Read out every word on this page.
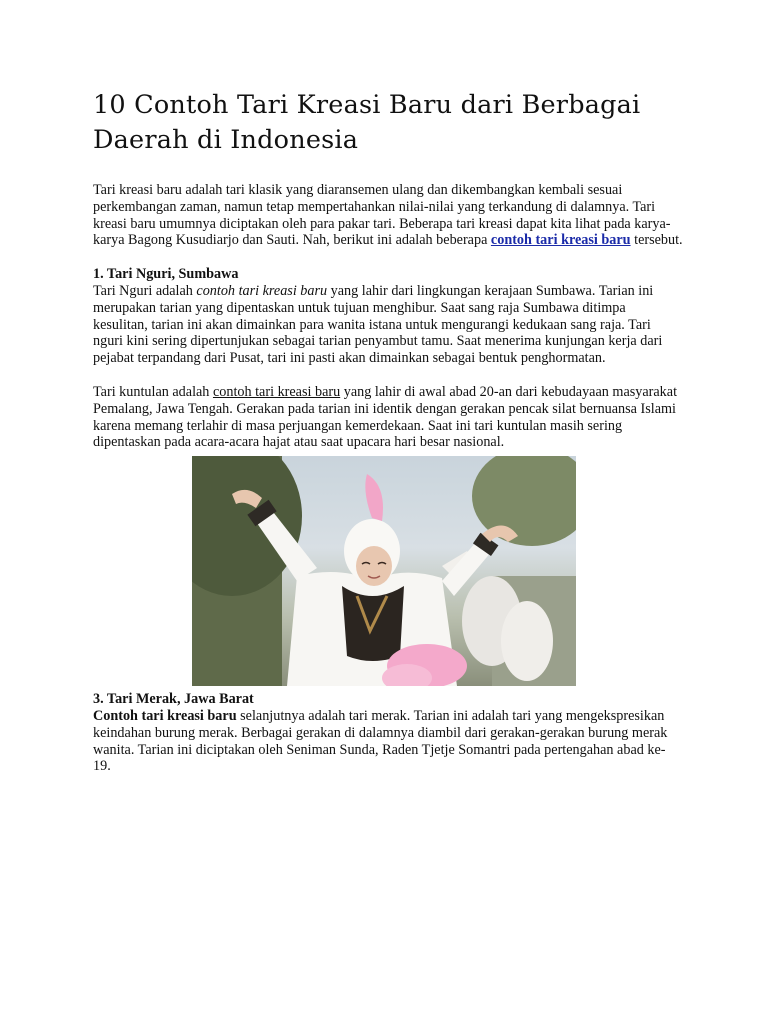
10 Contoh Tari Kreasi Baru dari Berbagai Daerah di Indonesia

Tari kreasi baru adalah tari klasik yang diaransemen ulang dan dikembangkan kembali sesuai perkembangan zaman, namun tetap mempertahankan nilai-nilai yang terkandung di dalamnya. Tari kreasi baru umumnya diciptakan oleh para pakar tari. Beberapa tari kreasi dapat kita lihat pada karya-karya Bagong Kusudiarjo dan Sauti. Nah, berikut ini adalah beberapa contoh tari kreasi baru tersebut.

1. Tari Nguri, Sumbawa

Tari Nguri adalah contoh tari kreasi baru yang lahir dari lingkungan kerajaan Sumbawa. Tarian ini merupakan tarian yang dipentaskan untuk tujuan menghibur. Saat sang raja Sumbawa ditimpa kesulitan, tarian ini akan dimainkan para wanita istana untuk mengurangi kedukaan sang raja. Tari nguri kini sering dipertunjukan sebagai tarian penyambut tamu. Saat menerima kunjungan kerja dari pejabat terpandang dari Pusat, tari ini pasti akan dimainkan sebagai bentuk penghormatan.

Tari kuntulan adalah contoh tari kreasi baru yang lahir di awal abad 20-an dari kebudayaan masyarakat Pemalang, Jawa Tengah. Gerakan pada tarian ini identik dengan gerakan pencak silat bernuansa Islami karena memang terlahir di masa perjuangan kemerdekaan. Saat ini tari kuntulan masih sering dipentaskan pada acara-acara hajat atau saat upacara hari besar nasional.

3. Tari Merak, Jawa Barat

Contoh tari kreasi baru selanjutnya adalah tari merak. Tarian ini adalah tari yang mengekspresikan keindahan burung merak. Berbagai gerakan di dalamnya diambil dari gerakan-gerakan burung merak wanita. Tarian ini diciptakan oleh Seniman Sunda, Raden Tjetje Somantri pada pertengahan abad ke-19.
